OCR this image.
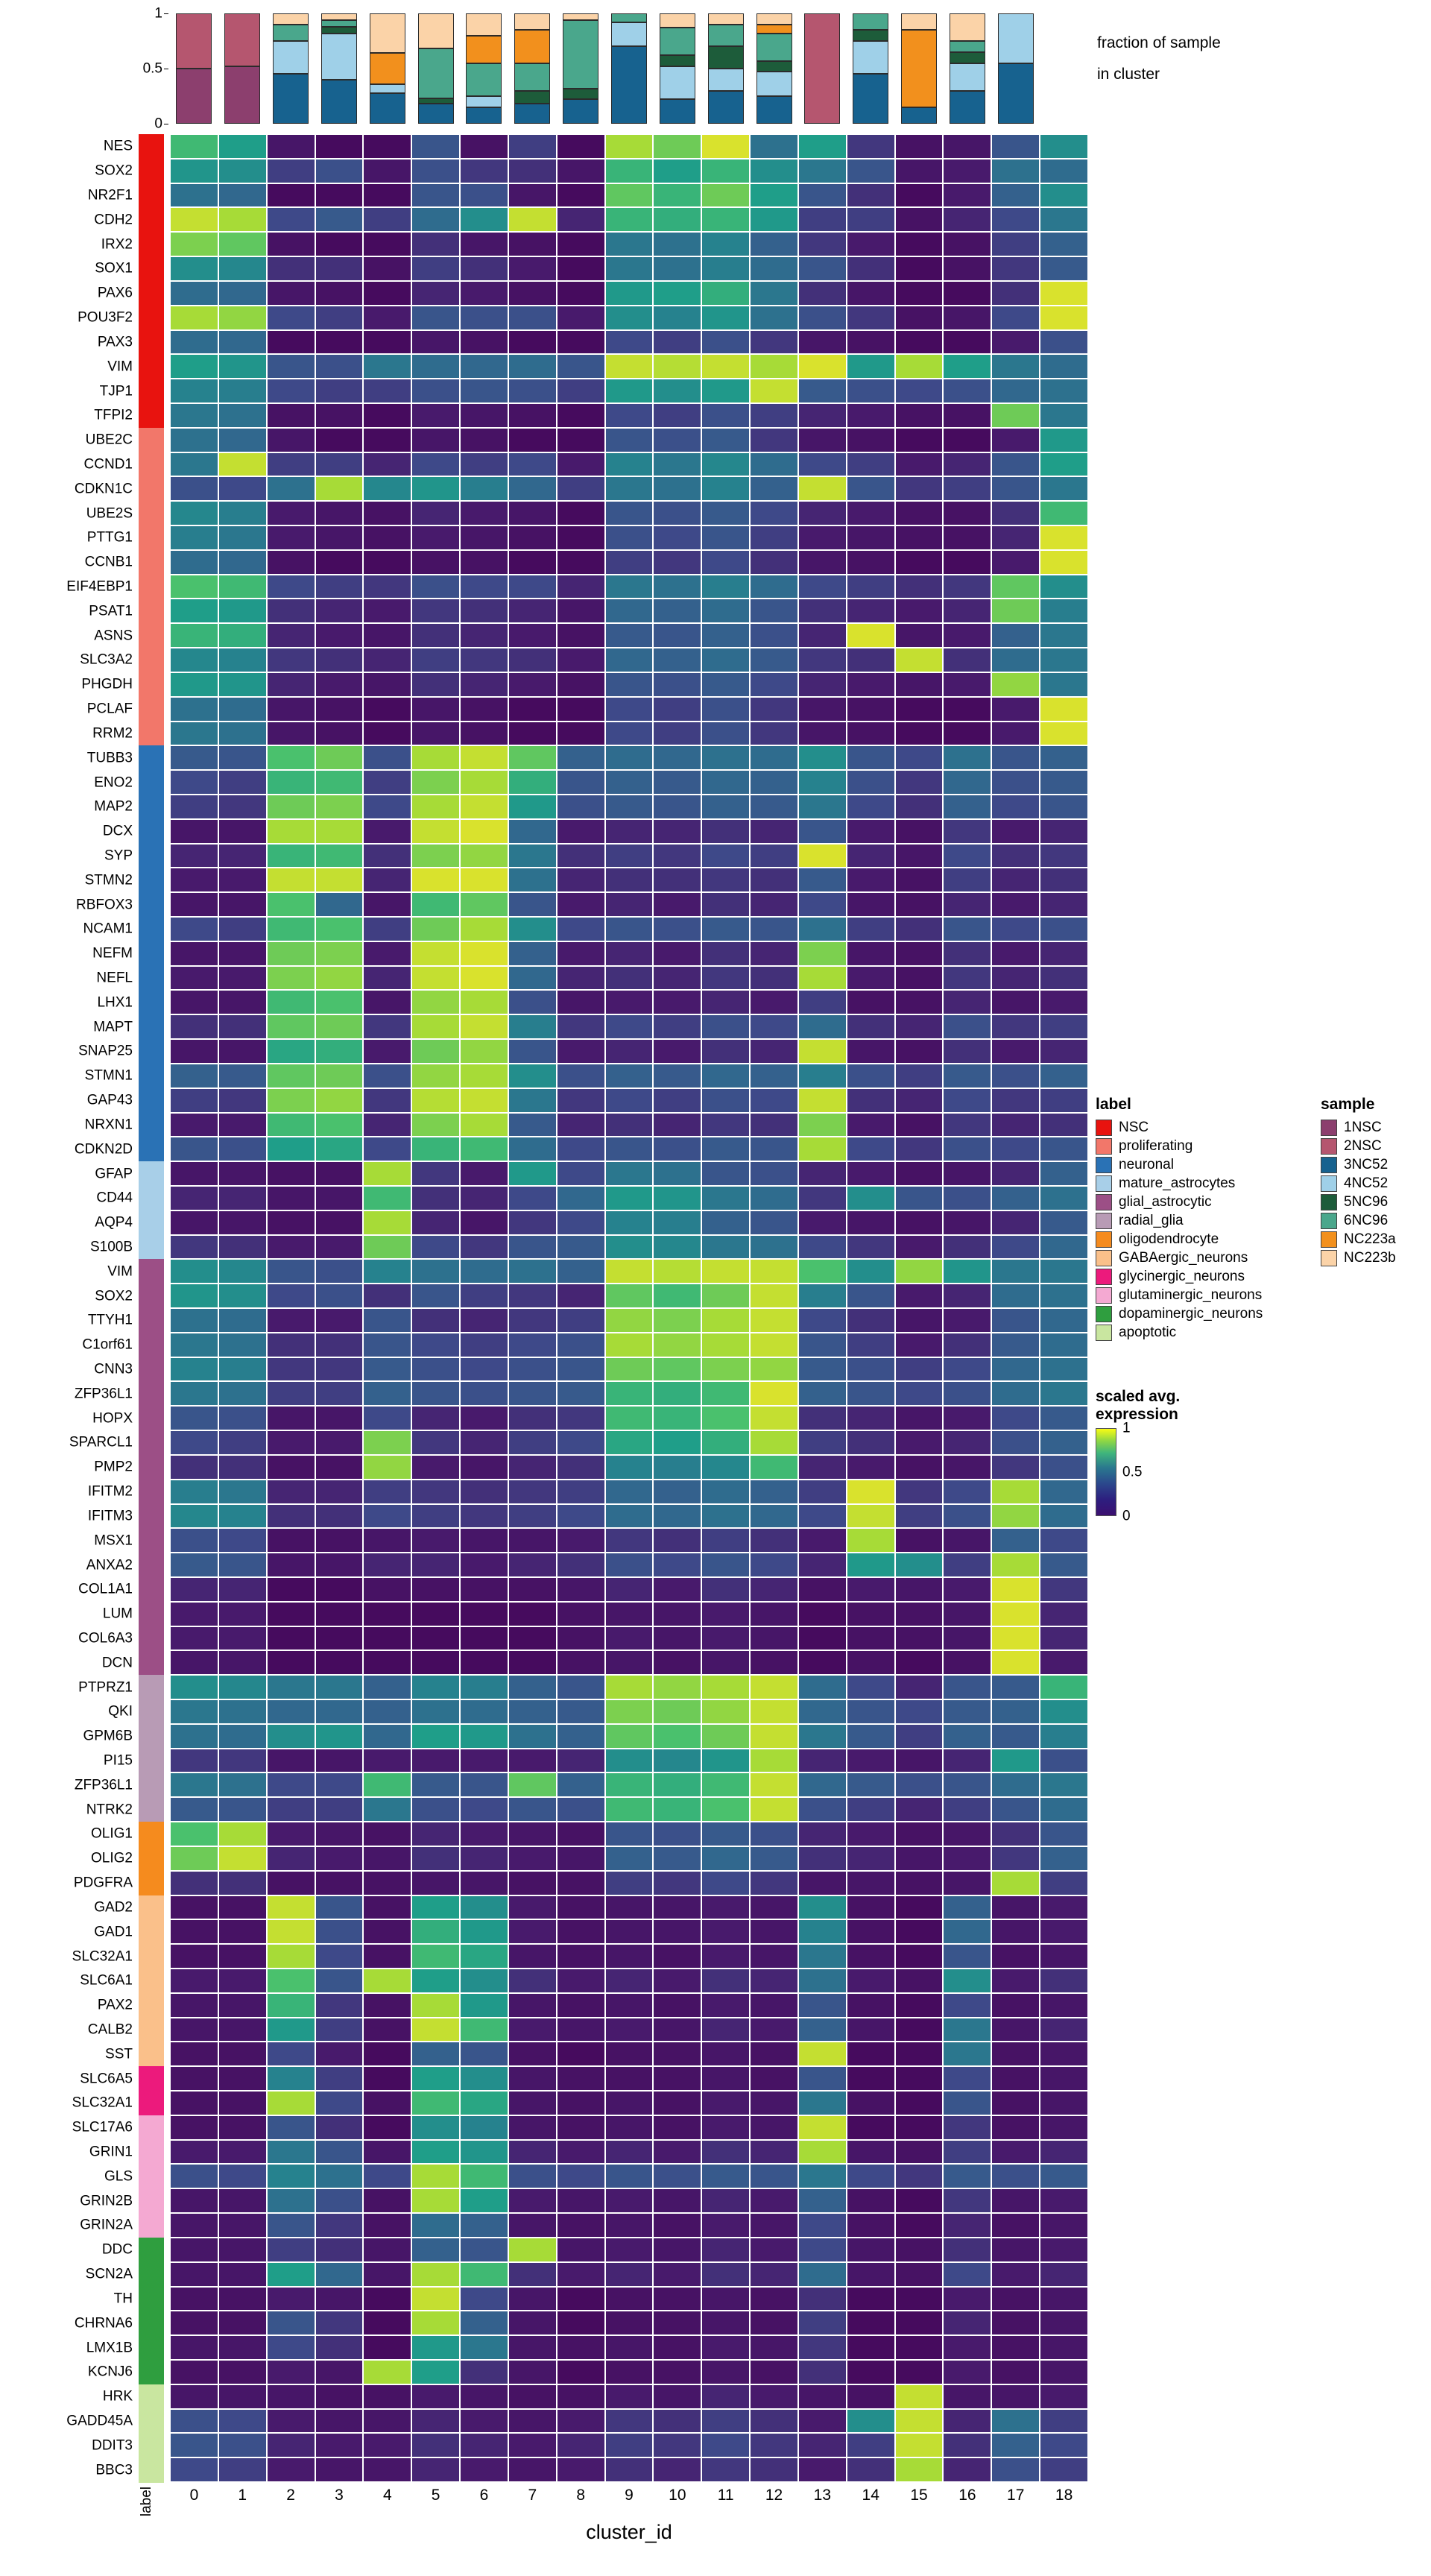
0
0.5
1
fraction of sample
in cluster
NES
SOX2
NR2F1
CDH2
IRX2
SOX1
PAX6
POU3F2
PAX3
VIM
TJP1
TFPI2
UBE2C
CCND1
CDKN1C
UBE2S
PTTG1
CCNB1
EIF4EBP1
PSAT1
ASNS
SLC3A2
PHGDH
PCLAF
RRM2
TUBB3
ENO2
MAP2
DCX
SYP
STMN2
RBFOX3
NCAM1
NEFM
NEFL
LHX1
MAPT
SNAP25
STMN1
GAP43
NRXN1
CDKN2D
GFAP
CD44
AQP4
S100B
VIM
SOX2
TTYH1
C1orf61
CNN3
ZFP36L1
HOPX
SPARCL1
PMP2
IFITM2
IFITM3
MSX1
ANXA2
COL1A1
LUM
COL6A3
DCN
PTPRZ1
QKI
GPM6B
PI15
ZFP36L1
NTRK2
OLIG1
OLIG2
PDGFRA
GAD2
GAD1
SLC32A1
SLC6A1
PAX2
CALB2
SST
SLC6A5
SLC32A1
SLC17A6
GRIN1
GLS
GRIN2B
GRIN2A
DDC
SCN2A
TH
CHRNA6
LMX1B
KCNJ6
HRK
GADD45A
DDIT3
BBC3
0	1	2	3	4	5	6	7	8	9 10 11 12 13 14 15 16 17 18
cluster_id
label
label
NSC
proliferating
neuronal
mature_astrocytes
glial_astrocytic
radial_glia
oligodendrocyte
GABAergic_neurons
glycinergic_neurons
glutaminergic_neurons
dopaminergic_neurons
apoptotic
sample
1NSC
2NSC
3NC52
4NC52
5NC96
6NC96
NC223a
NC223b
scaled avg.
expression
1
0.5
0
